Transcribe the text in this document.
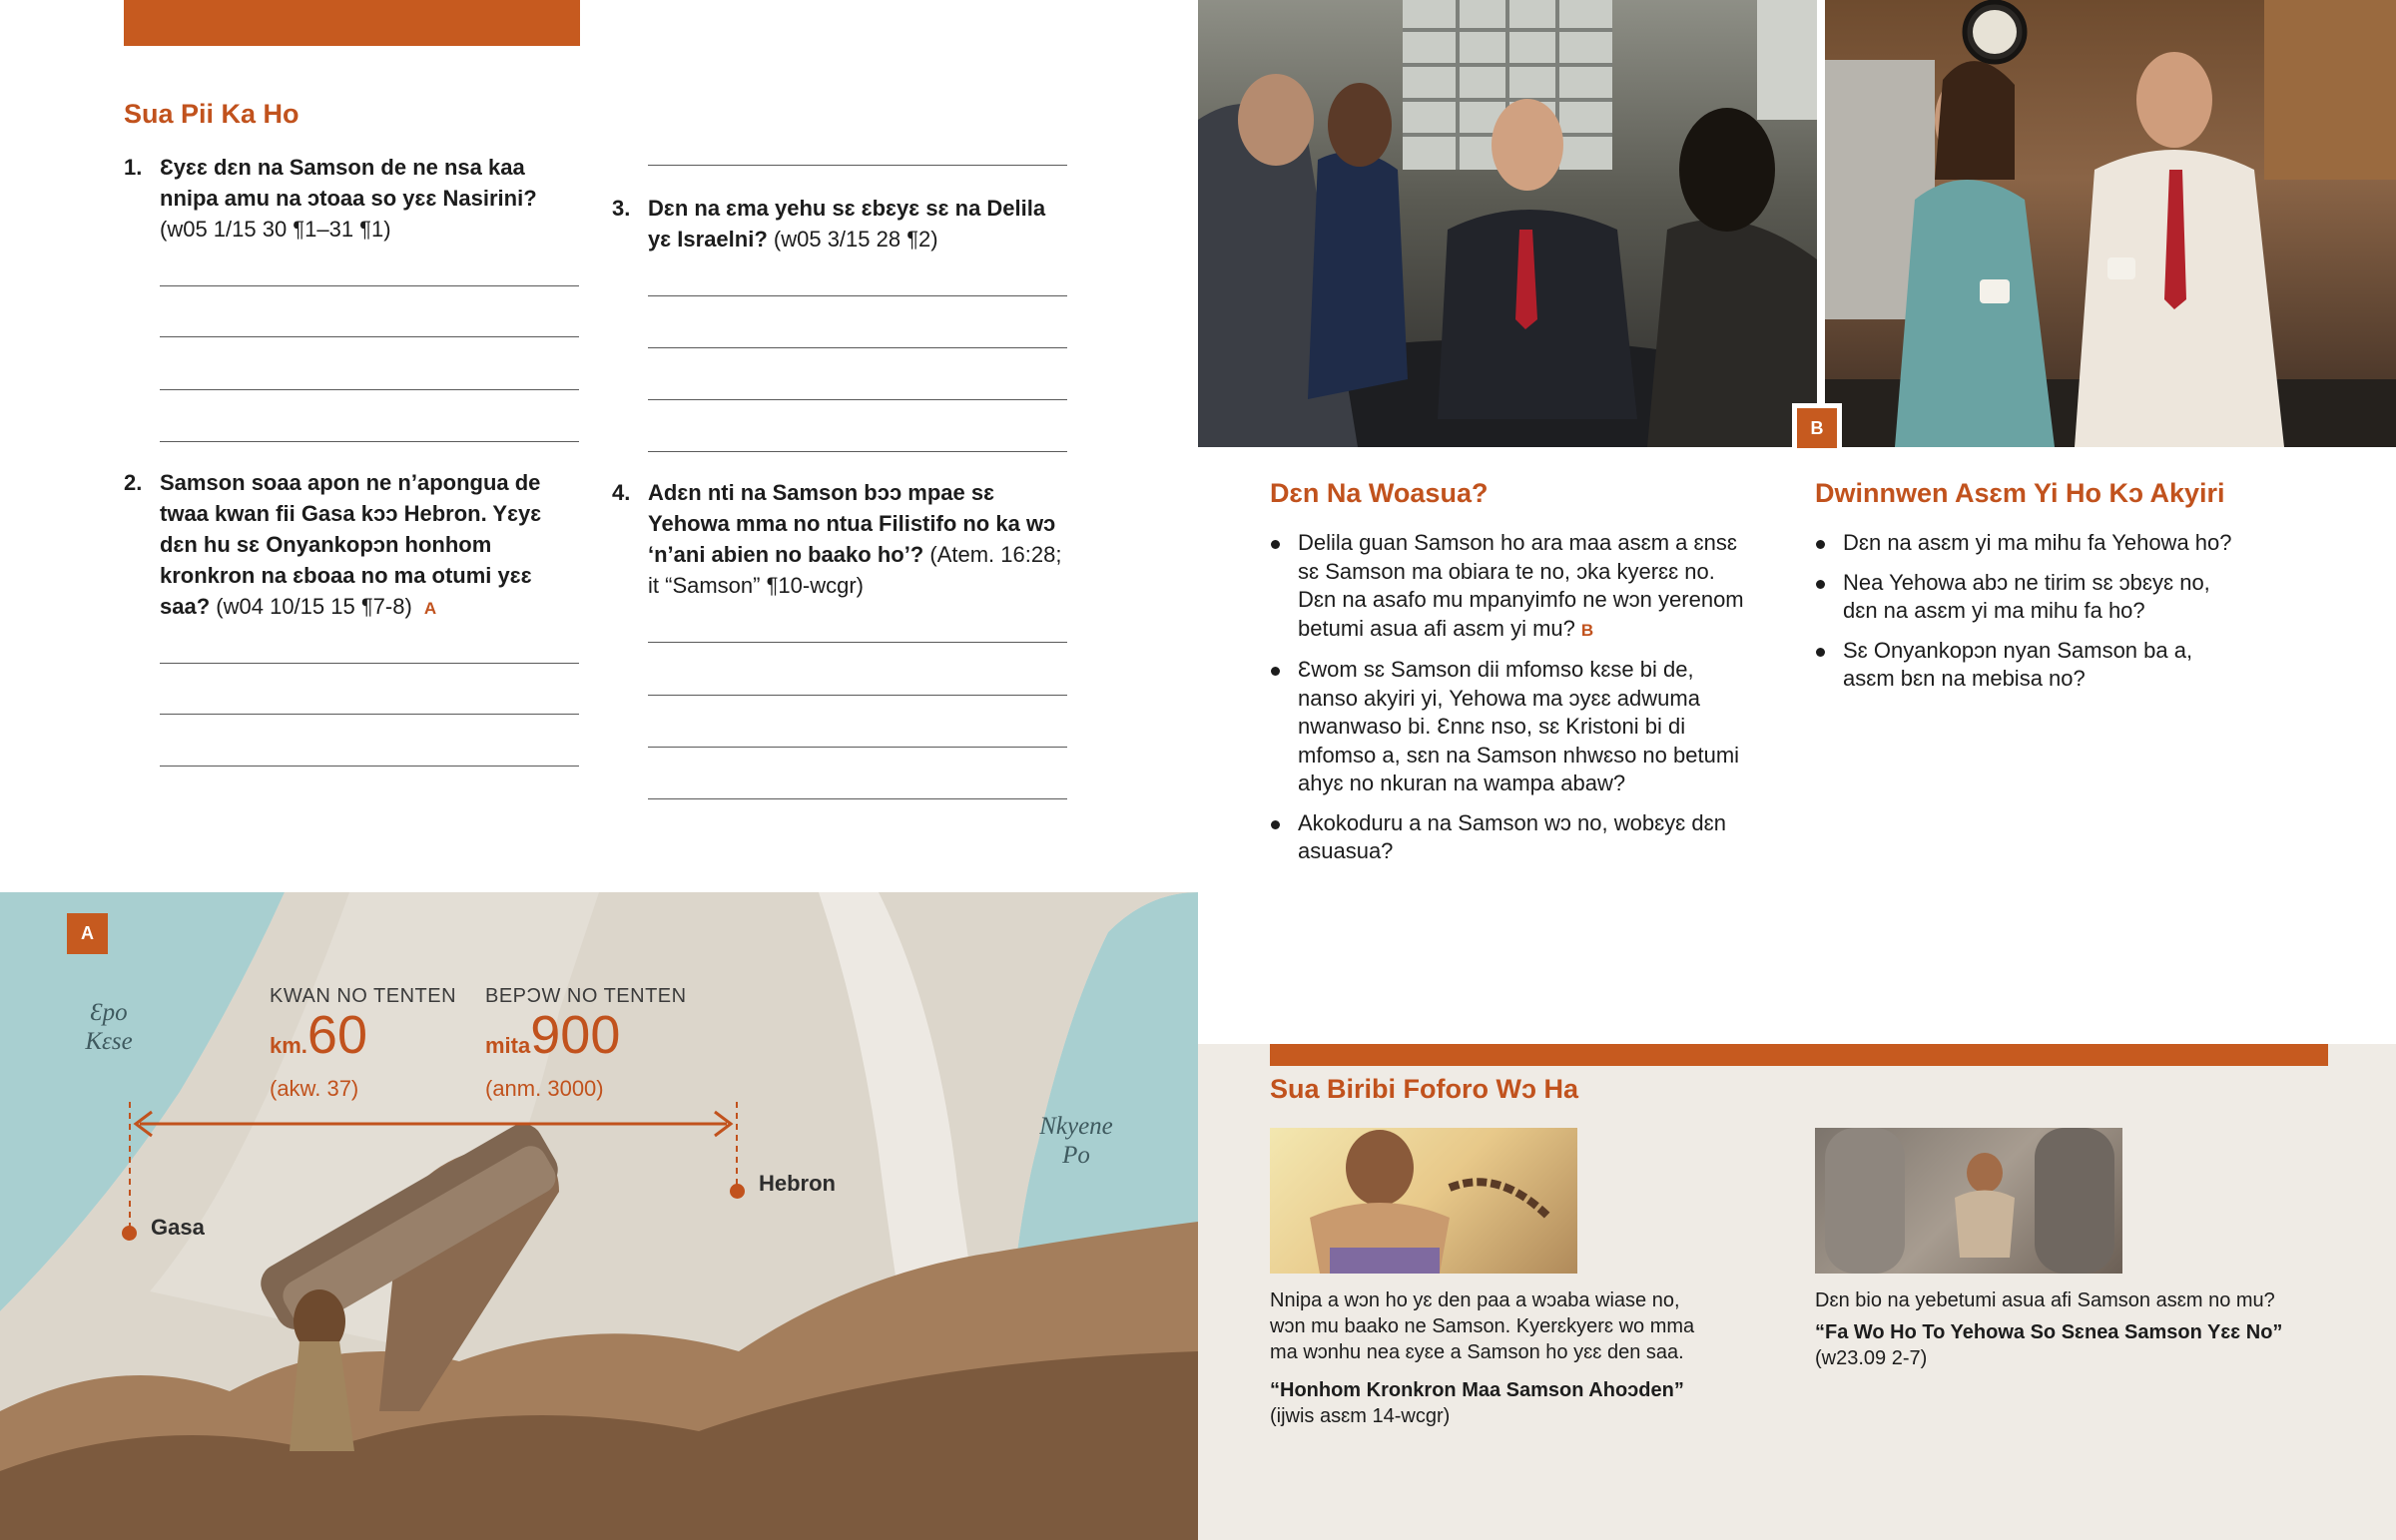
Sua Pii Ka Ho
1. Ɛyɛɛ dɛn na Samson de ne nsa kaa nnipa amu na ɔtoaa so yɛɛ Nasirini? (w05 1/15 30 ¶1–31 ¶1)
2. Samson soaa apon ne n’apongua de twaa kwan fii Gasa kɔɔ Hebron. Yɛyɛ dɛn hu sɛ Onyankopɔn honhom kronkron na ɛboaa no ma otumi yɛɛ saa? (w04 10/15 15 ¶7-8) A
3. Dɛn na ɛma yehu sɛ ɛbɛyɛ sɛ na Delila yɛ Israelni? (w05 3/15 28 ¶2)
4. Adɛn nti na Samson bɔɔ mpae sɛ Yehowa mma no ntua Filistifo no ka wɔ ‘n’ani abien no baako ho’? (Atem. 16:28; it “Samson” ¶10-wcgr)
B
Dɛn Na Woasua?
Delila guan Samson ho ara maa asɛm a ɛnsɛ sɛ Samson ma obiara te no, ɔka kyerɛɛ no. Dɛn na asafo mu mpanyimfo ne wɔn yerenom betumi asua afi asɛm yi mu? B
Ɛwom sɛ Samson dii mfomso kɛse bi de, nanso akyiri yi, Yehowa ma ɔyɛɛ adwuma nwanwaso bi. Ɛnnɛ nso, sɛ Kristoni bi di mfomso a, sɛn na Samson nhwɛso no betumi ahyɛ no nkuran na wampa abaw?
Akokoduru a na Samson wɔ no, wobɛyɛ dɛn asuasua?
Dwinnwen Asɛm Yi Ho Kɔ Akyiri
Dɛn na asɛm yi ma mihu fa Yehowa ho?
Nea Yehowa abɔ ne tirim sɛ ɔbɛyɛ no, dɛn na asɛm yi ma mihu fa ho?
Sɛ Onyankopɔn nyan Samson ba a, asɛm bɛn na mebisa no?
A
Ɛpo Kɛse
Nkyene Po
KWAN NO TENTEN
km.60
(akw. 37)
BEPƆW NO TENTEN
mita900
(anm. 3000)
Gasa
Hebron
Sua Biribi Foforo Wɔ Ha
Nnipa a wɔn ho yɛ den paa a wɔaba wiase no, wɔn mu baako ne Samson. Kyerɛkyerɛ wo mma ma wɔnhu nea ɛyɛe a Samson ho yɛɛ den saa.
“Honhom Kronkron Maa Samson Ahoɔden”
(ijwis asɛm 14-wcgr)
Dɛn bio na yebetumi asua afi Samson asɛm no mu?
“Fa Wo Ho To Yehowa So Sɛnea Samson Yɛɛ No”
(w23.09 2-7)
